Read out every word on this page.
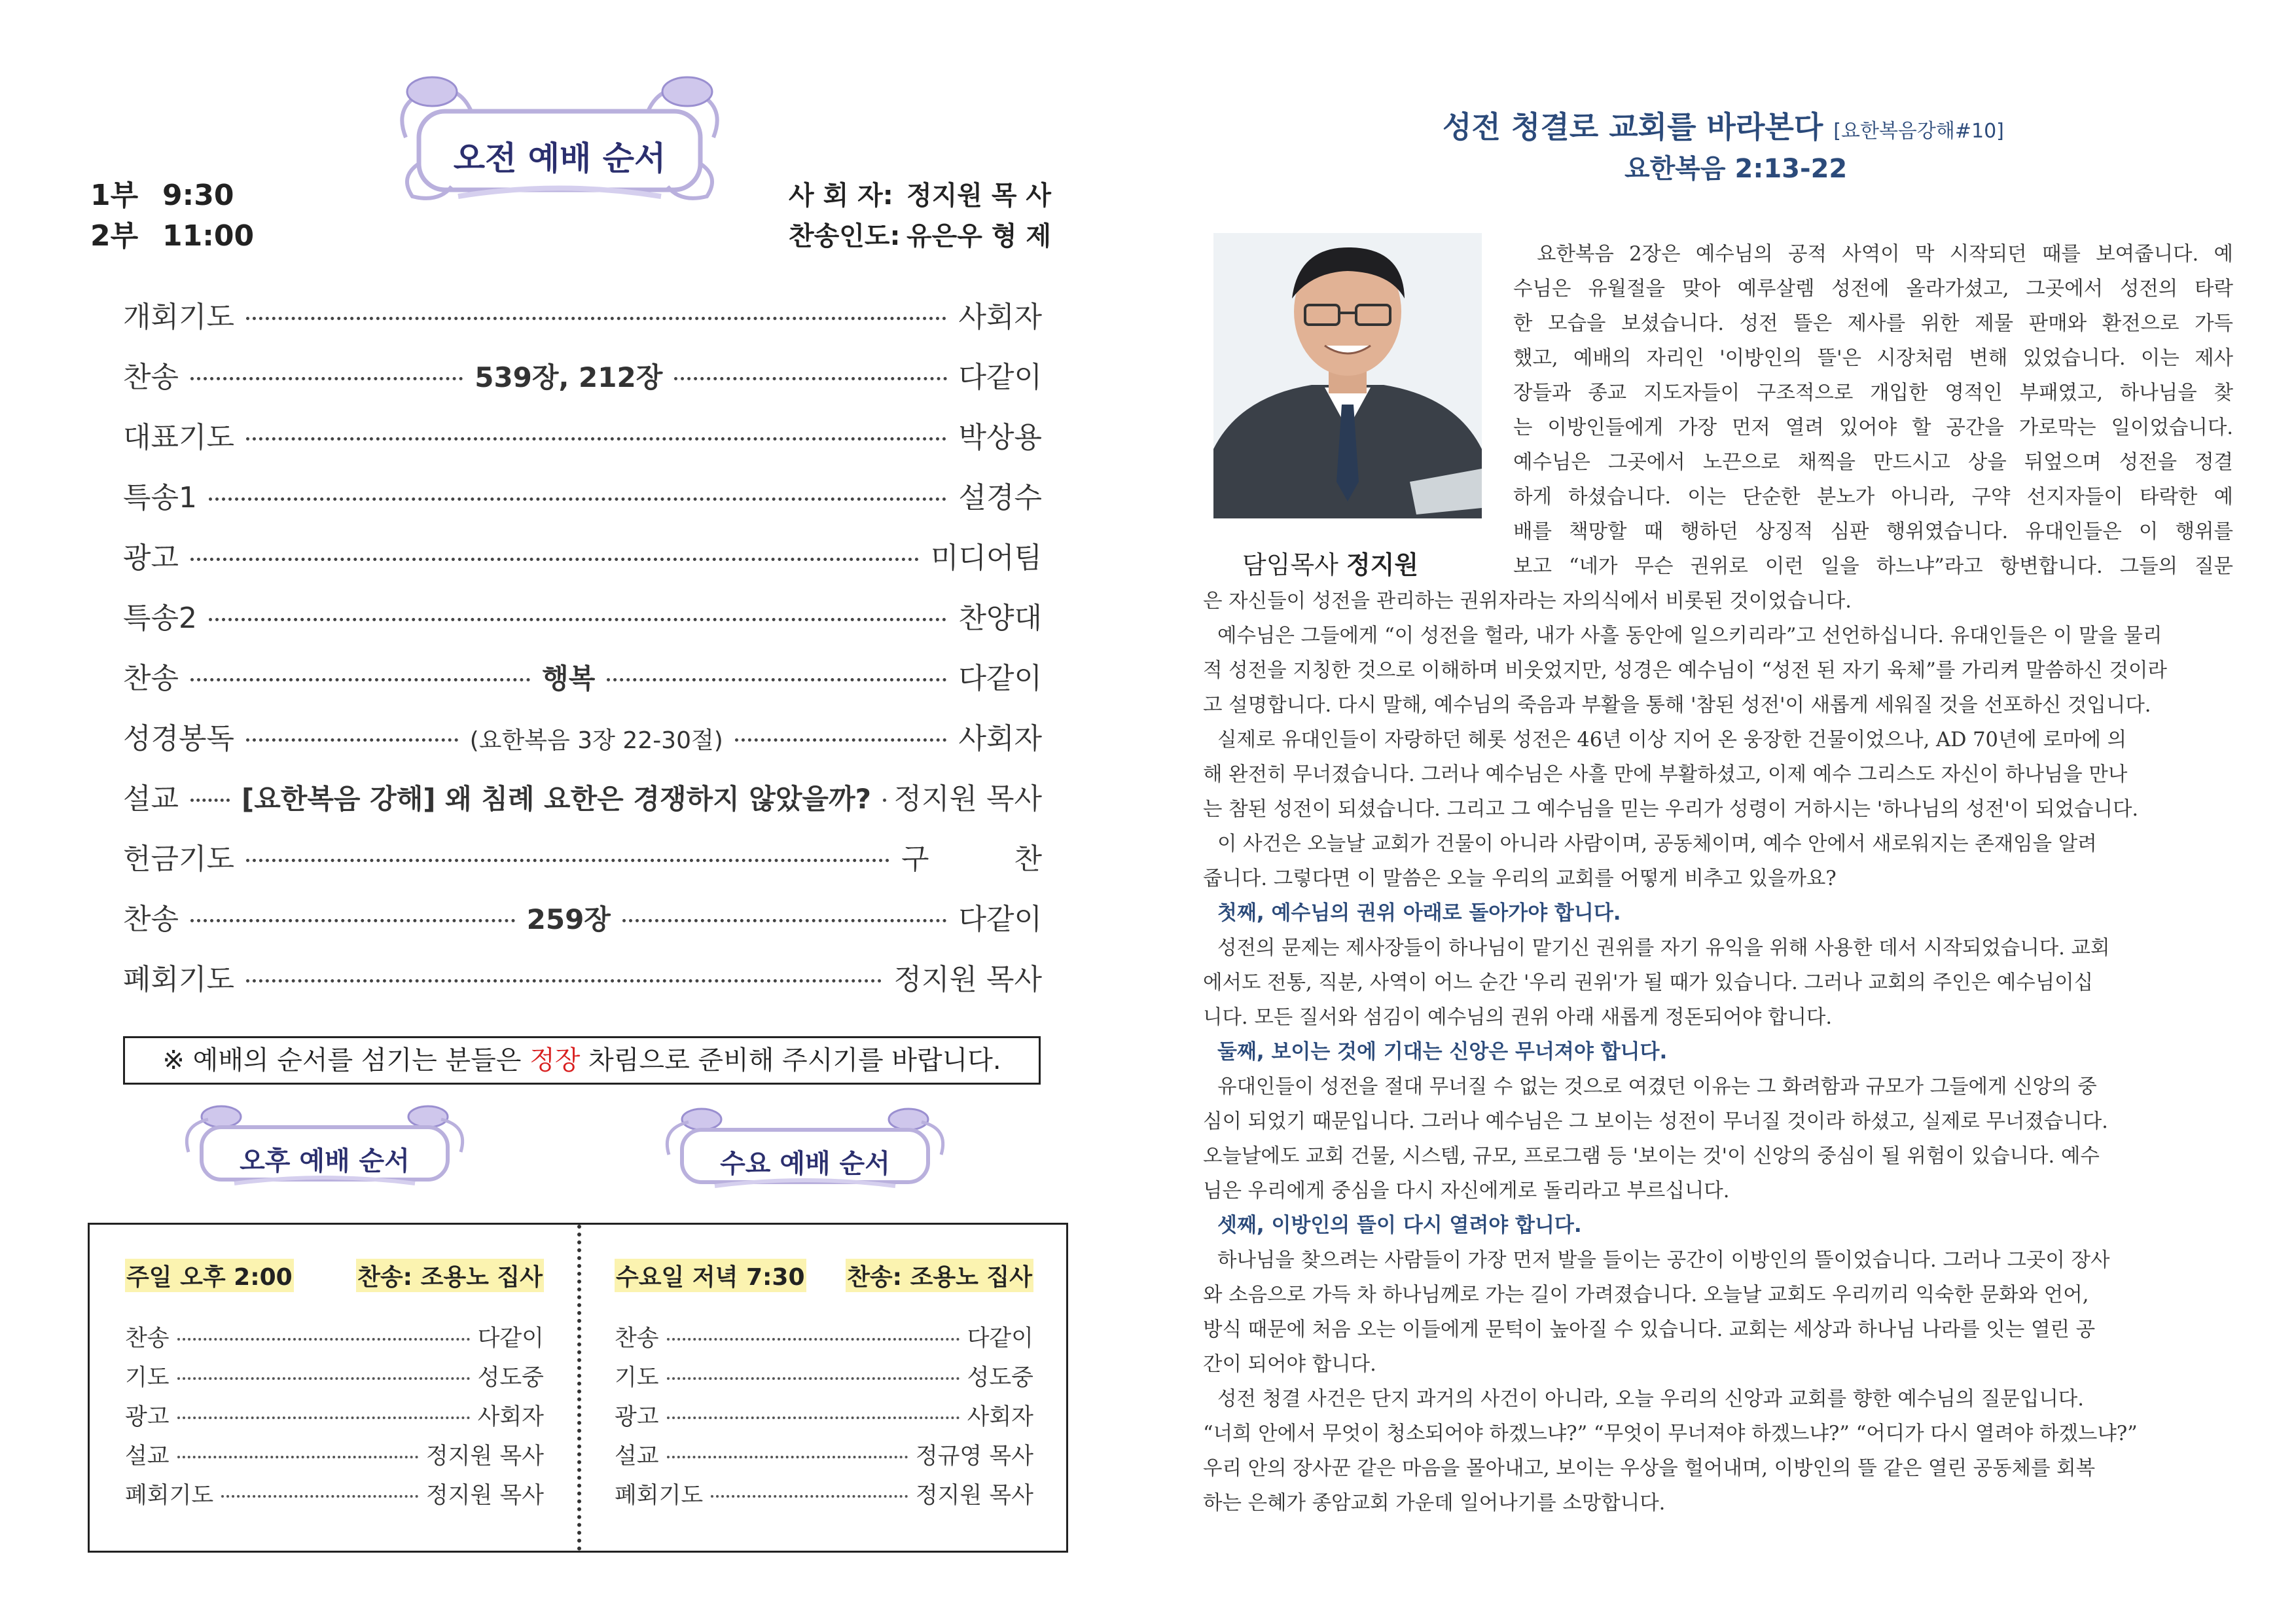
오전 예배 순서
1부 9:30
2부 11:00
사 회 자: 정지원 목 사
찬송인도: 유은우 형 제
개회기도	사회자
찬송	539장, 212장	다같이
대표기도	박상용
특송1	설경수
광고	미디어팀
특송2	찬양대
찬송	행복	다같이
성경봉독	(요한복음 3장 22-30절)	사회자
설교 [요한복음 강해] 왜 침례 요한은 경쟁하지 않았을까? 정지원 목사
헌금기도	구 찬
찬송	259장	다같이
폐회기도	정지원 목사
※ 예배의 순서를 섬기는 분들은 정장 차림으로 준비해 주시기를 바랍니다.
오후 예배 순서	수요 예배 순서
주일 오후 2:00	찬송: 조용노 집사
찬송	다같이
기도	성도중
광고	사회자
설교	정지원 목사
폐회기도	정지원 목사
수요일 저녁 7:30 찬송: 조용노 집사
찬송	다같이
기도	성도중
광고	사회자
설교	정규영 목사
폐회기도	정지원 목사
성전 청결로 교회를 바라본다 [요한복음강해#10]
요한복음 2:13-22
담임목사 정지원
요한복음 2장은 예수님의 공적 사역이 막 시작되던 때를 보여줍니다. 예
수님은 유월절을 맞아 예루살렘 성전에 올라가셨고, 그곳에서 성전의 타락
한 모습을 보셨습니다. 성전 뜰은 제사를 위한 제물 판매와 환전으로 가득
했고, 예배의 자리인 '이방인의 뜰'은 시장처럼 변해 있었습니다. 이는 제사
장들과 종교 지도자들이 구조적으로 개입한 영적인 부패였고, 하나님을 찾
는 이방인들에게 가장 먼저 열려 있어야 할 공간을 가로막는 일이었습니다.
예수님은 그곳에서 노끈으로 채찍을 만드시고 상을 뒤엎으며 성전을 정결
하게 하셨습니다. 이는 단순한 분노가 아니라, 구약 선지자들이 타락한 예
배를 책망할 때 행하던 상징적 심판 행위였습니다. 유대인들은 이 행위를
보고 “네가 무슨 권위로 이런 일을 하느냐”라고 항변합니다. 그들의 질문
은 자신들이 성전을 관리하는 권위자라는 자의식에서 비롯된 것이었습니다.
예수님은 그들에게 “이 성전을 헐라, 내가 사흘 동안에 일으키리라”고 선언하십니다. 유대인들은 이 말을 물리
적 성전을 지칭한 것으로 이해하며 비웃었지만, 성경은 예수님이 “성전 된 자기 육체”를 가리켜 말씀하신 것이라
고 설명합니다. 다시 말해, 예수님의 죽음과 부활을 통해 '참된 성전'이 새롭게 세워질 것을 선포하신 것입니다.
실제로 유대인들이 자랑하던 헤롯 성전은 46년 이상 지어 온 웅장한 건물이었으나, AD 70년에 로마에 의
해 완전히 무너졌습니다. 그러나 예수님은 사흘 만에 부활하셨고, 이제 예수 그리스도 자신이 하나님을 만나
는 참된 성전이 되셨습니다. 그리고 그 예수님을 믿는 우리가 성령이 거하시는 '하나님의 성전'이 되었습니다.
이 사건은 오늘날 교회가 건물이 아니라 사람이며, 공동체이며, 예수 안에서 새로워지는 존재임을 알려
줍니다. 그렇다면 이 말씀은 오늘 우리의 교회를 어떻게 비추고 있을까요?
첫째, 예수님의 권위 아래로 돌아가야 합니다.
성전의 문제는 제사장들이 하나님이 맡기신 권위를 자기 유익을 위해 사용한 데서 시작되었습니다. 교회
에서도 전통, 직분, 사역이 어느 순간 '우리 권위'가 될 때가 있습니다. 그러나 교회의 주인은 예수님이십
니다. 모든 질서와 섬김이 예수님의 권위 아래 새롭게 정돈되어야 합니다.
둘째, 보이는 것에 기대는 신앙은 무너져야 합니다.
유대인들이 성전을 절대 무너질 수 없는 것으로 여겼던 이유는 그 화려함과 규모가 그들에게 신앙의 중
심이 되었기 때문입니다. 그러나 예수님은 그 보이는 성전이 무너질 것이라 하셨고, 실제로 무너졌습니다.
오늘날에도 교회 건물, 시스템, 규모, 프로그램 등 '보이는 것'이 신앙의 중심이 될 위험이 있습니다. 예수
님은 우리에게 중심을 다시 자신에게로 돌리라고 부르십니다.
셋째, 이방인의 뜰이 다시 열려야 합니다.
하나님을 찾으려는 사람들이 가장 먼저 발을 들이는 공간이 이방인의 뜰이었습니다. 그러나 그곳이 장사
와 소음으로 가득 차 하나님께로 가는 길이 가려졌습니다. 오늘날 교회도 우리끼리 익숙한 문화와 언어,
방식 때문에 처음 오는 이들에게 문턱이 높아질 수 있습니다. 교회는 세상과 하나님 나라를 잇는 열린 공
간이 되어야 합니다.
성전 청결 사건은 단지 과거의 사건이 아니라, 오늘 우리의 신앙과 교회를 향한 예수님의 질문입니다.
“너희 안에서 무엇이 청소되어야 하겠느냐?” “무엇이 무너져야 하겠느냐?” “어디가 다시 열려야 하겠느냐?”
우리 안의 장사꾼 같은 마음을 몰아내고, 보이는 우상을 헐어내며, 이방인의 뜰 같은 열린 공동체를 회복
하는 은혜가 종암교회 가운데 일어나기를 소망합니다.
